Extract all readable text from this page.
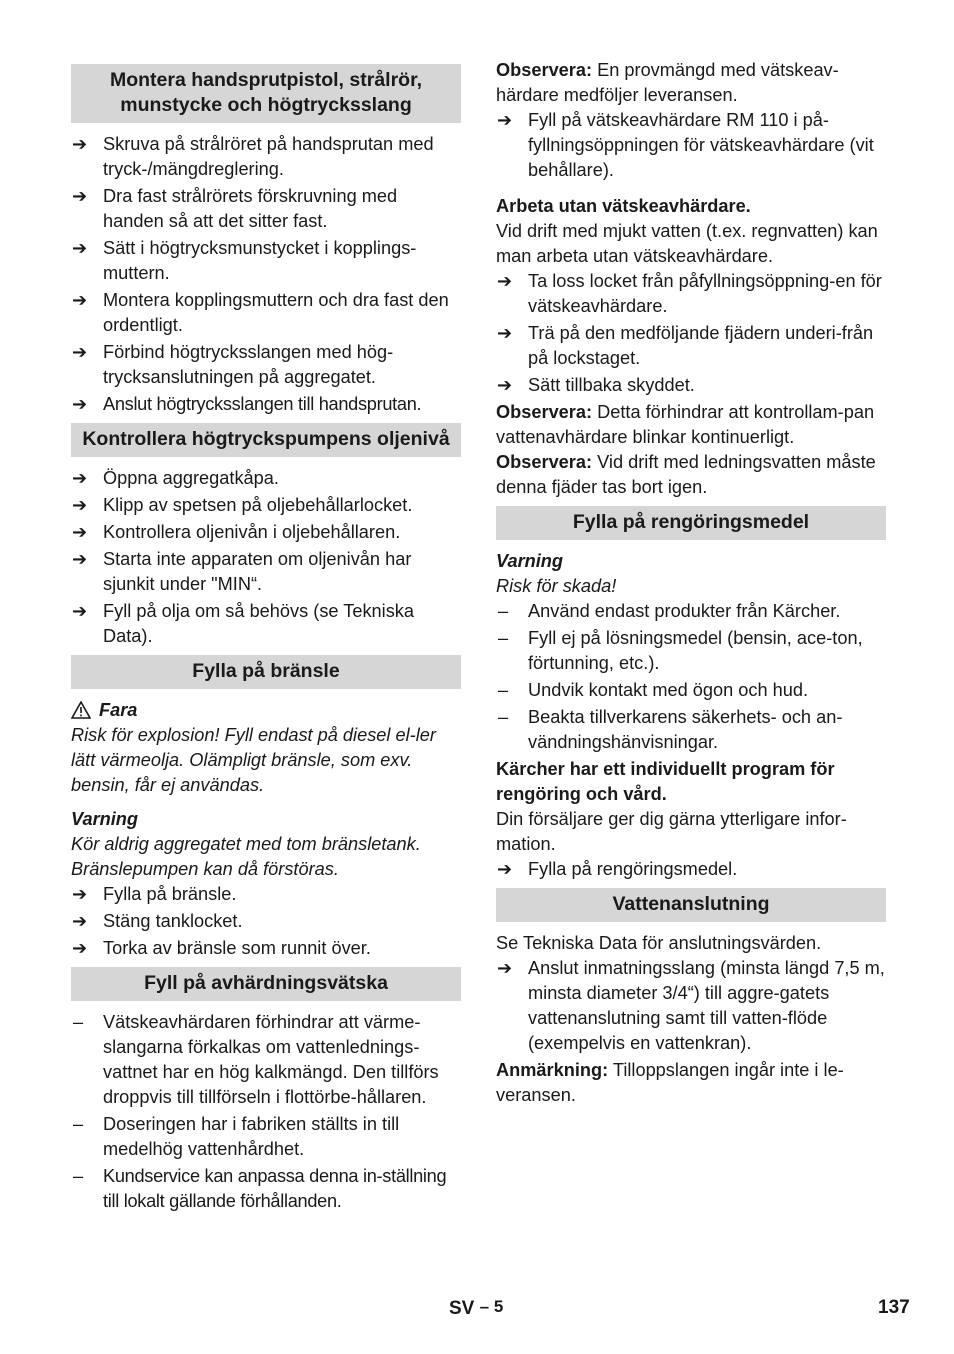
Montera handsprutpistol, strålrör, munstycke och högtrycksslang
➔ Skruva på strålröret på handsprutan med tryck-/mängdreglering.
➔ Dra fast strålrörets förskruvning med handen så att det sitter fast.
➔ Sätt i högtrycksmunstycket i kopplings-muttern.
➔ Montera kopplingsmuttern och dra fast den ordentligt.
➔ Förbind högtrycksslangen med hög-trycksanslutningen på aggregatet.
➔ Anslut högtrycksslangen till handsprutan.
Kontrollera högtryckspumpens oljenivå
➔ Öppna aggregatkåpa.
➔ Klipp av spetsen på oljebehållarlocket.
➔ Kontrollera oljenivån i oljebehållaren.
➔ Starta inte apparaten om oljenivån har sjunkit under "MIN“.
➔ Fyll på olja om så behövs (se Tekniska Data).
Fylla på bränsle
Fara
Risk för explosion! Fyll endast på diesel el-ler lätt värmeolja. Olämpligt bränsle, som exv. bensin, får ej användas.
Varning
Kör aldrig aggregatet med tom bränsletank. Bränslepumpen kan då förstöras.
➔ Fylla på bränsle.
➔ Stäng tanklocket.
➔ Torka av bränsle som runnit över.
Fyll på avhärdningsvätska
– Vätskeavhärdaren förhindrar att värme-slangarna förkalkas om vattenlednings-vattnet har en hög kalkmängd. Den tillförs droppvis till tillförseln i flottörbe-hållaren.
– Doseringen har i fabriken ställts in till medelhög vattenhårdhet.
– Kundservice kan anpassa denna in-ställning till lokalt gällande förhållanden.
Observera: En provmängd med vätskeav-härdare medföljer leveransen.
➔ Fyll på vätskeavhärdare RM 110 i på-fyllningsöppningen för vätskeavhärdare (vit behållare).
Arbeta utan vätskeavhärdare.
Vid drift med mjukt vatten (t.ex. regnvatten) kan man arbeta utan vätskeavhärdare.
➔ Ta loss locket från påfyllningsöppning-en för vätskeavhärdare.
➔ Trä på den medföljande fjädern underi-från på lockstaget.
➔ Sätt tillbaka skyddet.
Observera: Detta förhindrar att kontrollam-pan vattenavhärdare blinkar kontinuerligt.
Observera: Vid drift med ledningsvatten måste denna fjäder tas bort igen.
Fylla på rengöringsmedel
Varning
Risk för skada!
– Använd endast produkter från Kärcher.
– Fyll ej på lösningsmedel (bensin, ace-ton, förtunning, etc.).
– Undvik kontakt med ögon och hud.
– Beakta tillverkarens säkerhets- och an-vändningshänvisningar.
Kärcher har ett individuellt program för rengöring och vård.
Din försäljare ger dig gärna ytterligare infor-mation.
➔ Fylla på rengöringsmedel.
Vattenanslutning
Se Tekniska Data för anslutningsvärden.
➔ Anslut inmatningsslang (minsta längd 7,5 m, minsta diameter 3/4“) till aggre-gatets vattenanslutning samt till vatten-flöde (exempelvis en vattenkran).
Anmärkning: Tilloppslangen ingår inte i le-veransen.
SV – 5	137
